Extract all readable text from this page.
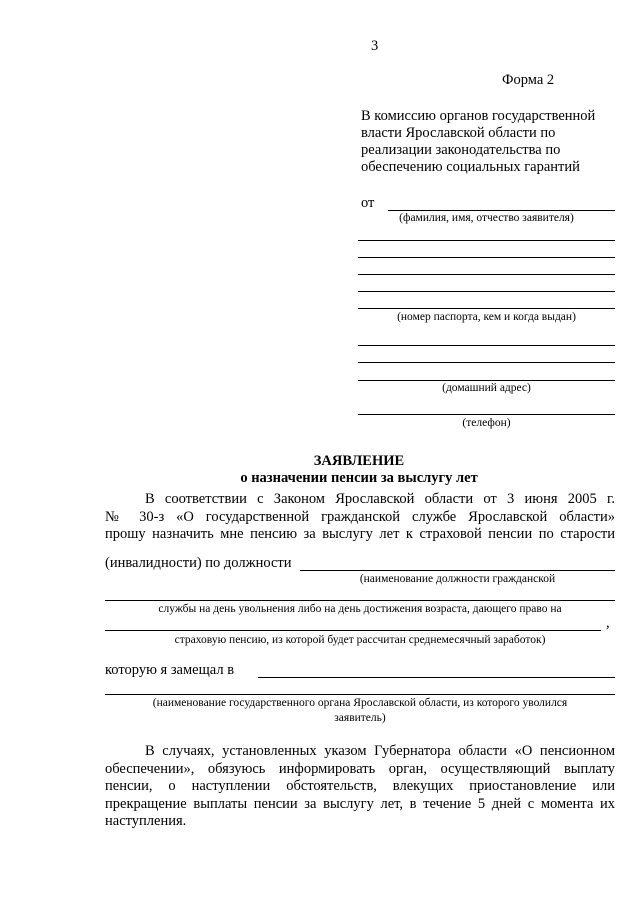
3
Форма 2
В комиссию органов государственной
власти Ярославской области по
реализации законодательства по
обеспечению социальных гарантий
от
(фамилия, имя, отчество заявителя)
(номер паспорта, кем и когда выдан)
(домашний адрес)
(телефон)
ЗАЯВЛЕНИЕ
о назначении пенсии за выслугу лет
В соответствии с Законом Ярославской области от 3 июня 2005 г.
№ 30-з «О государственной гражданской службе Ярославской области»
прошу назначить мне пенсию за выслугу лет к страховой пенсии по старости
(инвалидности) по должности
(наименование должности гражданской
службы на день увольнения либо на день достижения возраста, дающего право на
,
страховую пенсию, из которой будет рассчитан среднемесячный заработок)
которую я замещал в
(наименование государственного органа Ярославской области, из которого уволился
заявитель)
В случаях, установленных указом Губернатора области «О пенсионном
обеспечении», обязуюсь информировать орган, осуществляющий выплату
пенсии, о наступлении обстоятельств, влекущих приостановление или
прекращение выплаты пенсии за выслугу лет, в течение 5 дней с момента их
наступления.
